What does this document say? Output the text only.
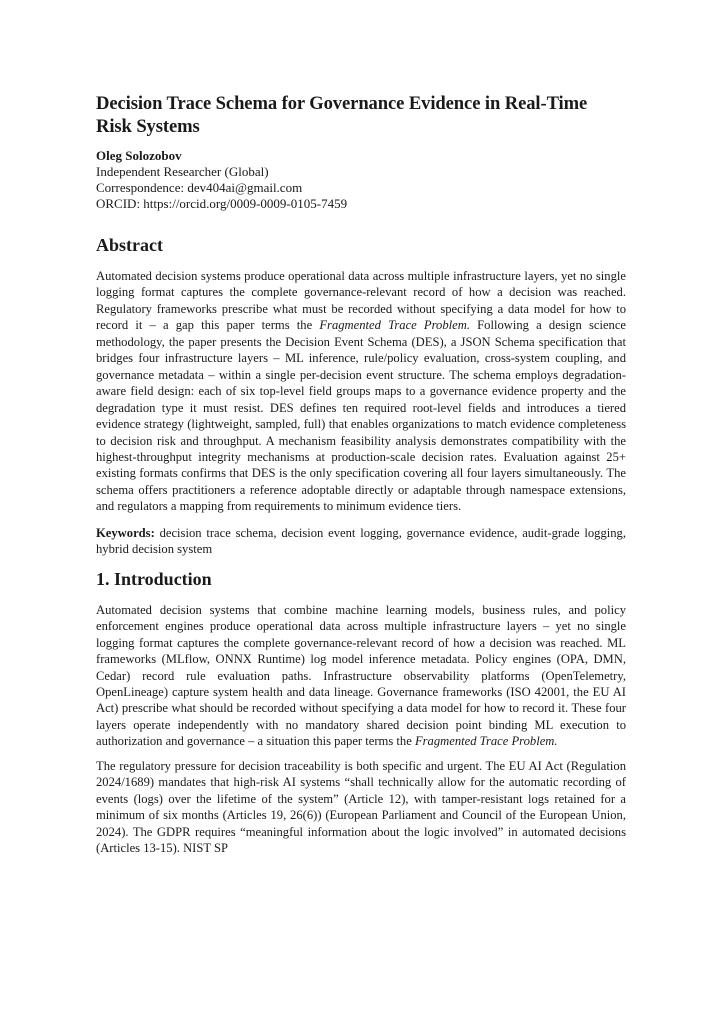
Decision Trace Schema for Governance Evidence in Real-Time Risk Systems
Oleg Solozobov
Independent Researcher (Global)
Correspondence: dev404ai@gmail.com
ORCID: https://orcid.org/0009-0009-0105-7459
Abstract

Automated decision systems produce operational data across multiple infrastructure layers, yet no single logging format captures the complete governance-relevant record of how a decision was reached. Regulatory frameworks prescribe what must be recorded without specifying a data model for how to record it – a gap this paper terms the Fragmented Trace Problem. Following a design science methodology, the paper presents the Decision Event Schema (DES), a JSON Schema specification that bridges four infrastructure layers – ML inference, rule/policy evaluation, cross-system coupling, and governance metadata – within a single per-decision event structure. The schema employs degradation-aware field design: each of six top-level field groups maps to a governance evidence property and the degradation type it must resist. DES defines ten required root-level fields and introduces a tiered evidence strategy (lightweight, sampled, full) that enables organizations to match evidence completeness to decision risk and throughput. A mechanism feasibility analysis demonstrates compatibility with the highest-throughput integrity mechanisms at production-scale decision rates. Evaluation against 25+ existing formats confirms that DES is the only specification covering all four layers simultaneously. The schema offers practitioners a reference adoptable directly or adaptable through namespace extensions, and regulators a mapping from requirements to minimum evidence tiers.

Keywords: decision trace schema, decision event logging, governance evidence, audit-grade logging, hybrid decision system

1. Introduction

Automated decision systems that combine machine learning models, business rules, and policy enforcement engines produce operational data across multiple infrastructure layers – yet no single logging format captures the complete governance-relevant record of how a decision was reached. ML frameworks (MLflow, ONNX Runtime) log model inference metadata. Policy engines (OPA, DMN, Cedar) record rule evaluation paths. Infrastructure observability platforms (OpenTelemetry, OpenLineage) capture system health and data lineage. Governance frameworks (ISO 42001, the EU AI Act) prescribe what should be recorded without specifying a data model for how to record it. These four layers operate independently with no mandatory shared decision point binding ML execution to authorization and governance – a situation this paper terms the Fragmented Trace Problem.

The regulatory pressure for decision traceability is both specific and urgent. The EU AI Act (Regulation 2024/1689) mandates that high-risk AI systems “shall technically allow for the automatic recording of events (logs) over the lifetime of the system” (Article 12), with tamper-resistant logs retained for a minimum of six months (Articles 19, 26(6)) (European Parliament and Council of the European Union, 2024). The GDPR requires “meaningful information about the logic involved” in automated decisions (Articles 13-15). NIST SP
